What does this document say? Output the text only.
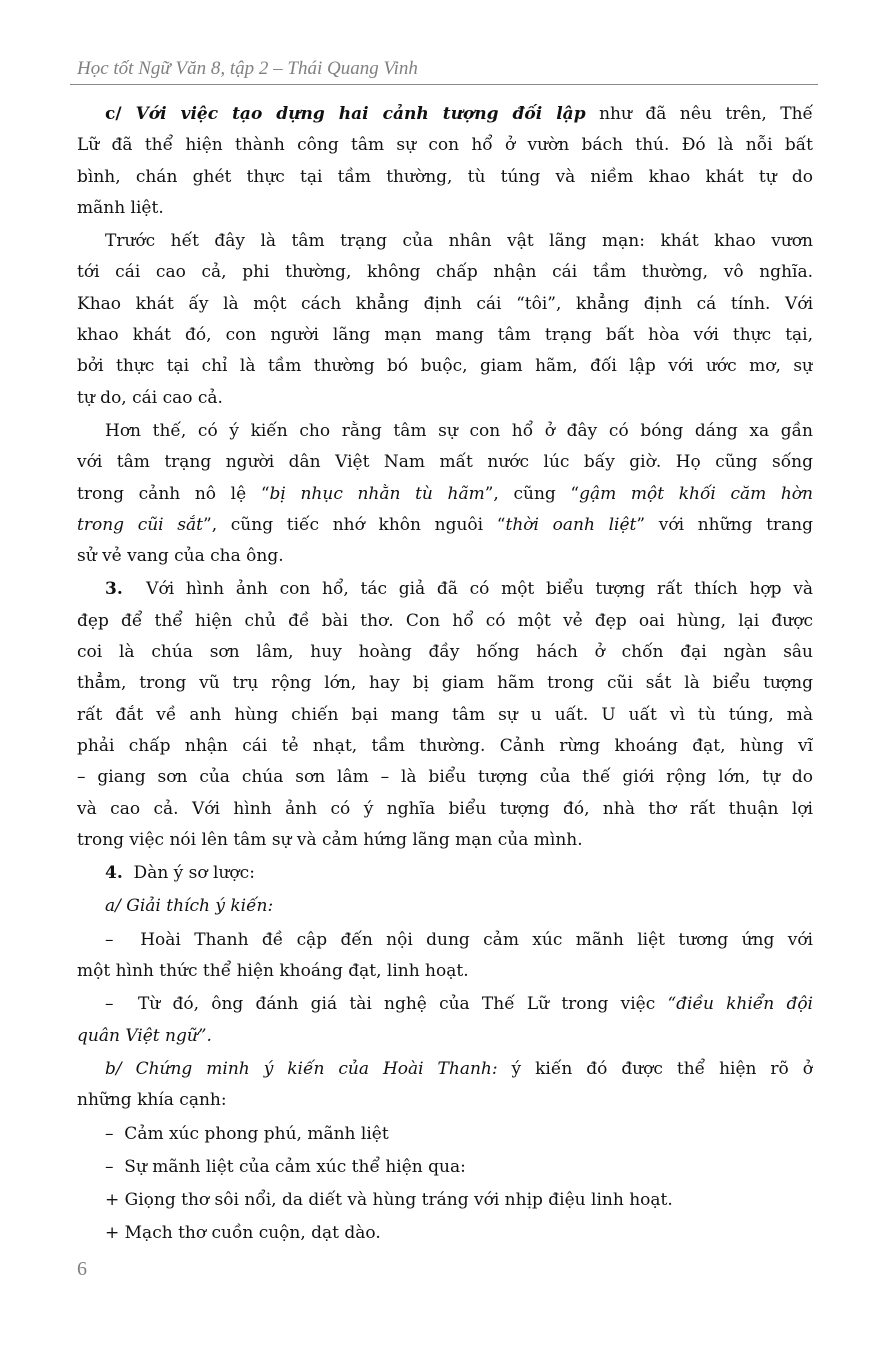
Học tốt Ngữ Văn 8, tập 2 – Thái Quang Vinh
c/ Với việc tạo dựng hai cảnh tượng đối lập như đã nêu trên, Thế
Lữ đã thể hiện thành công tâm sự con hổ ở vườn bách thú. Đó là nỗi bất
bình, chán ghét thực tại tầm thường, tù túng và niềm khao khát tự do
mãnh liệt.
Trước hết đây là tâm trạng của nhân vật lãng mạn: khát khao vươn
tới cái cao cả, phi thường, không chấp nhận cái tầm thường, vô nghĩa.
Khao khát ấy là một cách khẳng định cái “tôi”, khẳng định cá tính. Với
khao khát đó, con người lãng mạn mang tâm trạng bất hòa với thực tại,
bởi thực tại chỉ là tầm thường bó buộc, giam hãm, đối lập với ước mơ, sự
tự do, cái cao cả.
Hơn thế, có ý kiến cho rằng tâm sự con hổ ở đây có bóng dáng xa gần
với tâm trạng người dân Việt Nam mất nước lúc bấy giờ. Họ cũng sống
trong cảnh nô lệ “bị nhục nhằn tù hãm”, cũng “gậm một khối căm hờn
trong cũi sắt”, cũng tiếc nhớ khôn nguôi “thời oanh liệt” với những trang
sử vẻ vang của cha ông.
3.  Với hình ảnh con hổ, tác giả đã có một biểu tượng rất thích hợp và
đẹp để thể hiện chủ đề bài thơ. Con hổ có một vẻ đẹp oai hùng, lại được
coi là chúa sơn lâm, huy hoàng đầy hống hách ở chốn đại ngàn sâu
thẳm, trong vũ trụ rộng lớn, hay bị giam hãm trong cũi sắt là biểu tượng
rất đắt về anh hùng chiến bại mang tâm sự u uất. U uất vì tù túng, mà
phải chấp nhận cái tẻ nhạt, tầm thường. Cảnh rừng khoáng đạt, hùng vĩ
– giang sơn của chúa sơn lâm – là biểu tượng của thế giới rộng lớn, tự do
và cao cả. Với hình ảnh có ý nghĩa biểu tượng đó, nhà thơ rất thuận lợi
trong việc nói lên tâm sự và cảm hứng lãng mạn của mình.
4.  Dàn ý sơ lược:
a/ Giải thích ý kiến:
–  Hoài Thanh đề cập đến nội dung cảm xúc mãnh liệt tương ứng với
một hình thức thể hiện khoáng đạt, linh hoạt.
–  Từ đó, ông đánh giá tài nghệ của Thế Lữ trong việc “điều khiển đội
quân Việt ngữ”.
b/ Chứng minh ý kiến của Hoài Thanh: ý kiến đó được thể hiện rõ ở
những khía cạnh:
–  Cảm xúc phong phú, mãnh liệt
–  Sự mãnh liệt của cảm xúc thể hiện qua:
+ Giọng thơ sôi nổi, da diết và hùng tráng với nhịp điệu linh hoạt.
+ Mạch thơ cuồn cuộn, dạt dào.
6
